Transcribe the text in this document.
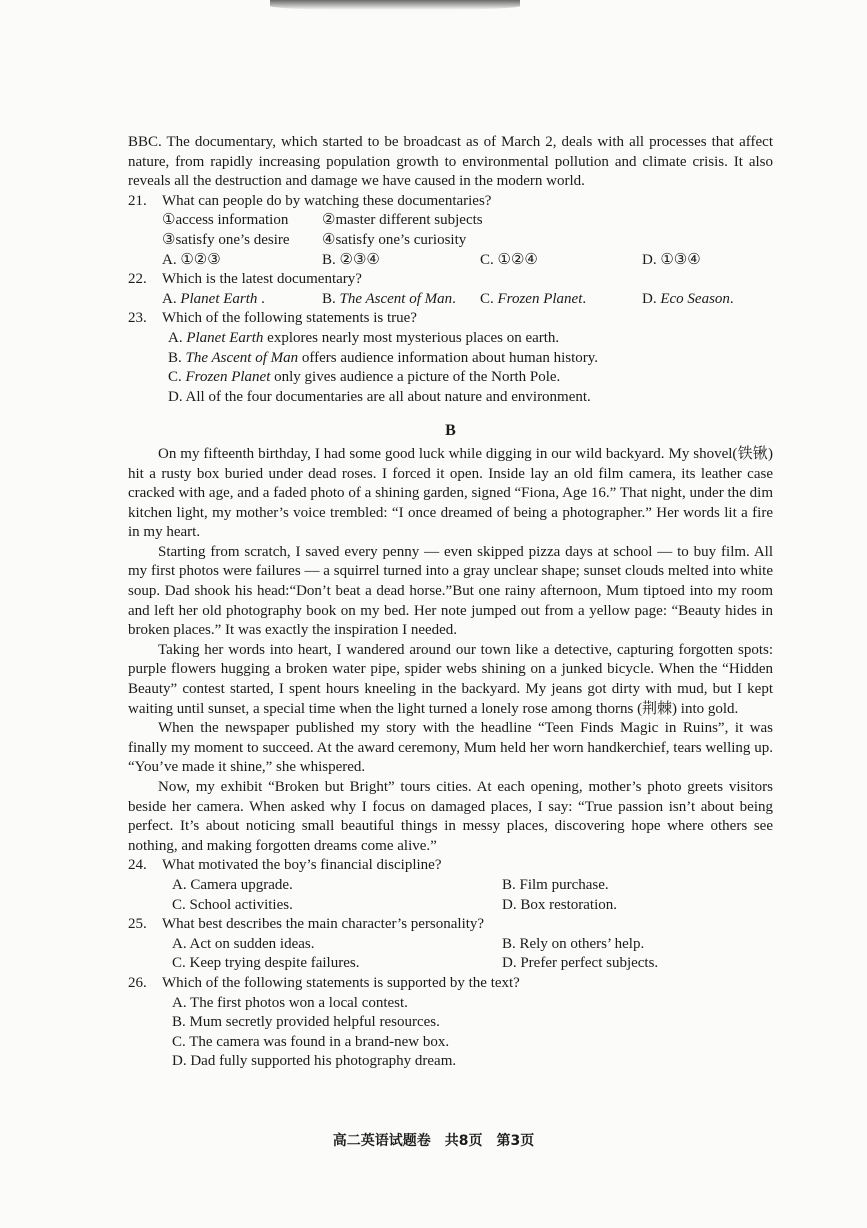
BBC. The documentary, which started to be broadcast as of March 2, deals with all processes that affect nature, from rapidly increasing population growth to environmental pollution and climate crisis. It also reveals all the destruction and damage we have caused in the modern world.

21.	What can people do by watching these documentaries?
①access information	②master different subjects
③satisfy one’s desire	④satisfy one’s curiosity
A. ①②③	B. ②③④	C. ①②④	D. ①③④
22.	Which is the latest documentary?
A. Planet Earth .	B. The Ascent of Man.	C. Frozen Planet.	D. Eco Season.
23.	Which of the following statements is true?
A. Planet Earth explores nearly most mysterious places on earth.
B. The Ascent of Man offers audience information about human history.
C. Frozen Planet only gives audience a picture of the North Pole.
D. All of the four documentaries are all about nature and environment.
B

On my fifteenth birthday, I had some good luck while digging in our wild backyard. My shovel(铁锹) hit a rusty box buried under dead roses. I forced it open. Inside lay an old film camera, its leather case cracked with age, and a faded photo of a shining garden, signed “Fiona, Age 16.” That night, under the dim kitchen light, my mother’s voice trembled: “I once dreamed of being a photographer.” Her words lit a fire in my heart.

Starting from scratch, I saved every penny — even skipped pizza days at school — to buy film. All my first photos were failures — a squirrel turned into a gray unclear shape; sunset clouds melted into white soup. Dad shook his head:“Don’t beat a dead horse.”But one rainy afternoon, Mum tiptoed into my room and left her old photography book on my bed. Her note jumped out from a yellow page: “Beauty hides in broken places.” It was exactly the inspiration I needed.

Taking her words into heart, I wandered around our town like a detective, capturing forgotten spots: purple flowers hugging a broken water pipe, spider webs shining on a junked bicycle. When the “Hidden Beauty” contest started, I spent hours kneeling in the backyard. My jeans got dirty with mud, but I kept waiting until sunset, a special time when the light turned a lonely rose among thorns (荆棘) into gold.

When the newspaper published my story with the headline “Teen Finds Magic in Ruins”, it was finally my moment to succeed. At the award ceremony, Mum held her worn handkerchief, tears welling up. “You’ve made it shine,” she whispered.

Now, my exhibit “Broken but Bright” tours cities. At each opening, mother’s photo greets visitors beside her camera. When asked why I focus on damaged places, I say: “True passion isn’t about being perfect. It’s about noticing small beautiful things in messy places, discovering hope where others see nothing, and making forgotten dreams come alive.”

24.	What motivated the boy’s financial discipline?
A. Camera upgrade.	B. Film purchase.
C. School activities.	D. Box restoration.
25.	What best describes the main character’s personality?
A. Act on sudden ideas.	B. Rely on others’ help.
C. Keep trying despite failures.	D. Prefer perfect subjects.
26.	Which of the following statements is supported by the text?
A. The first photos won a local contest.
B. Mum secretly provided helpful resources.
C. The camera was found in a brand-new box.
D. Dad fully supported his photography dream.
高二英语试题卷　共8页　第3页
